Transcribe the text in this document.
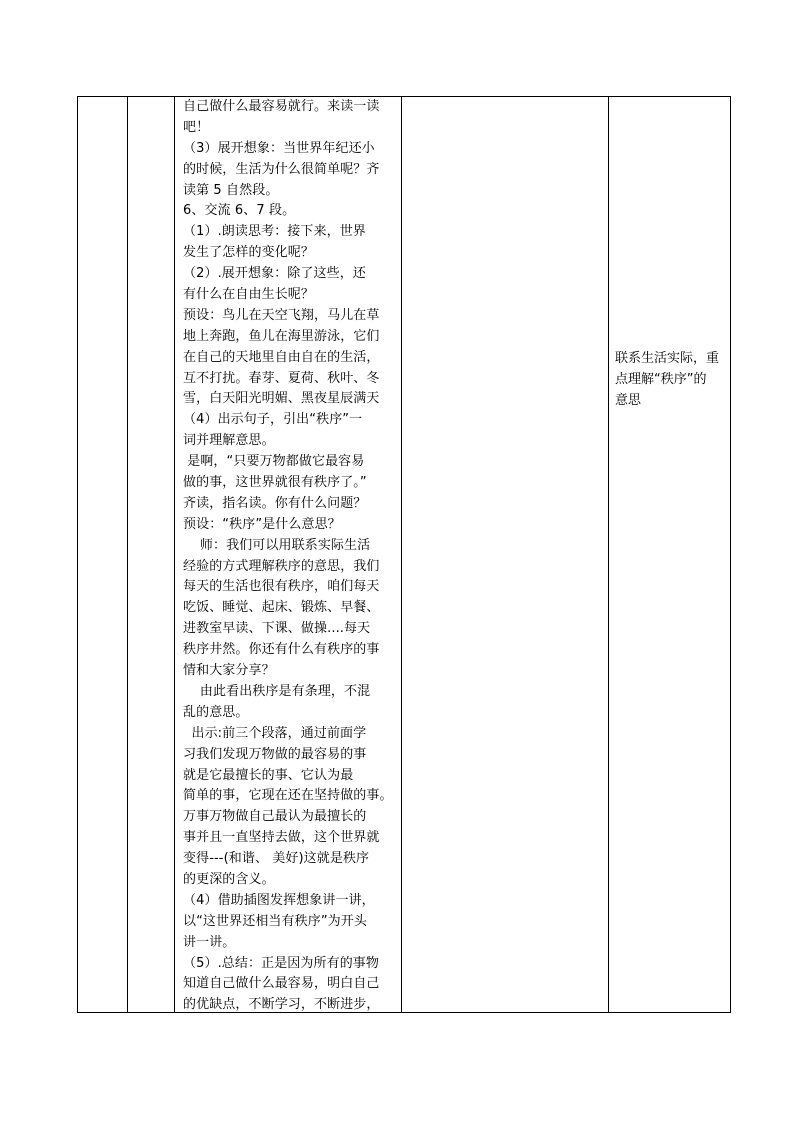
自己做什么最容易就行。来读一读
吧！
（3）展开想象：当世界年纪还小
的时候，生活为什么很简单呢？齐
读第 5 自然段。
6、交流 6、7 段。
（1）.朗读思考：接下来，世界
发生了怎样的变化呢？
（2）.展开想象：除了这些，还
有什么在自由生长呢？
预设：鸟儿在天空飞翔，马儿在草
地上奔跑，鱼儿在海里游泳，它们
在自己的天地里自由自在的生活，
互不打扰。春芽、夏荷、秋叶、冬
雪，白天阳光明媚、黑夜星辰满天
（4）出示句子，引出“秩序”一
词并理解意思。
是啊，“只要万物都做它最容易
做的事，这世界就很有秩序了。”
齐读，指名读。你有什么问题？
预设：“秩序”是什么意思？
师：我们可以用联系实际生活
经验的方式理解秩序的意思，我们
每天的生活也很有秩序，咱们每天
吃饭、睡觉、起床、锻炼、早餐、
进教室早读、下课、做操....每天
秩序井然。你还有什么有秩序的事
情和大家分享？
由此看出秩序是有条理，不混
乱的意思。
出示:前三个段落，通过前面学
习我们发现万物做的最容易的事
就是它最擅长的事、它认为最
简单的事，它现在还在坚持做的事。
万事万物做自己最认为最擅长的
事并且一直坚持去做，这个世界就
变得---(和谐、 美好)这就是秩序
的更深的含义。
（4）借助插图发挥想象讲一讲，
以“这世界还相当有秩序”为开头
讲一讲。
（5）.总结：正是因为所有的事物
知道自己做什么最容易，明白自己
的优缺点，不断学习，不断进步，
联系生活实际，重
点理解“秩序”的
意思
